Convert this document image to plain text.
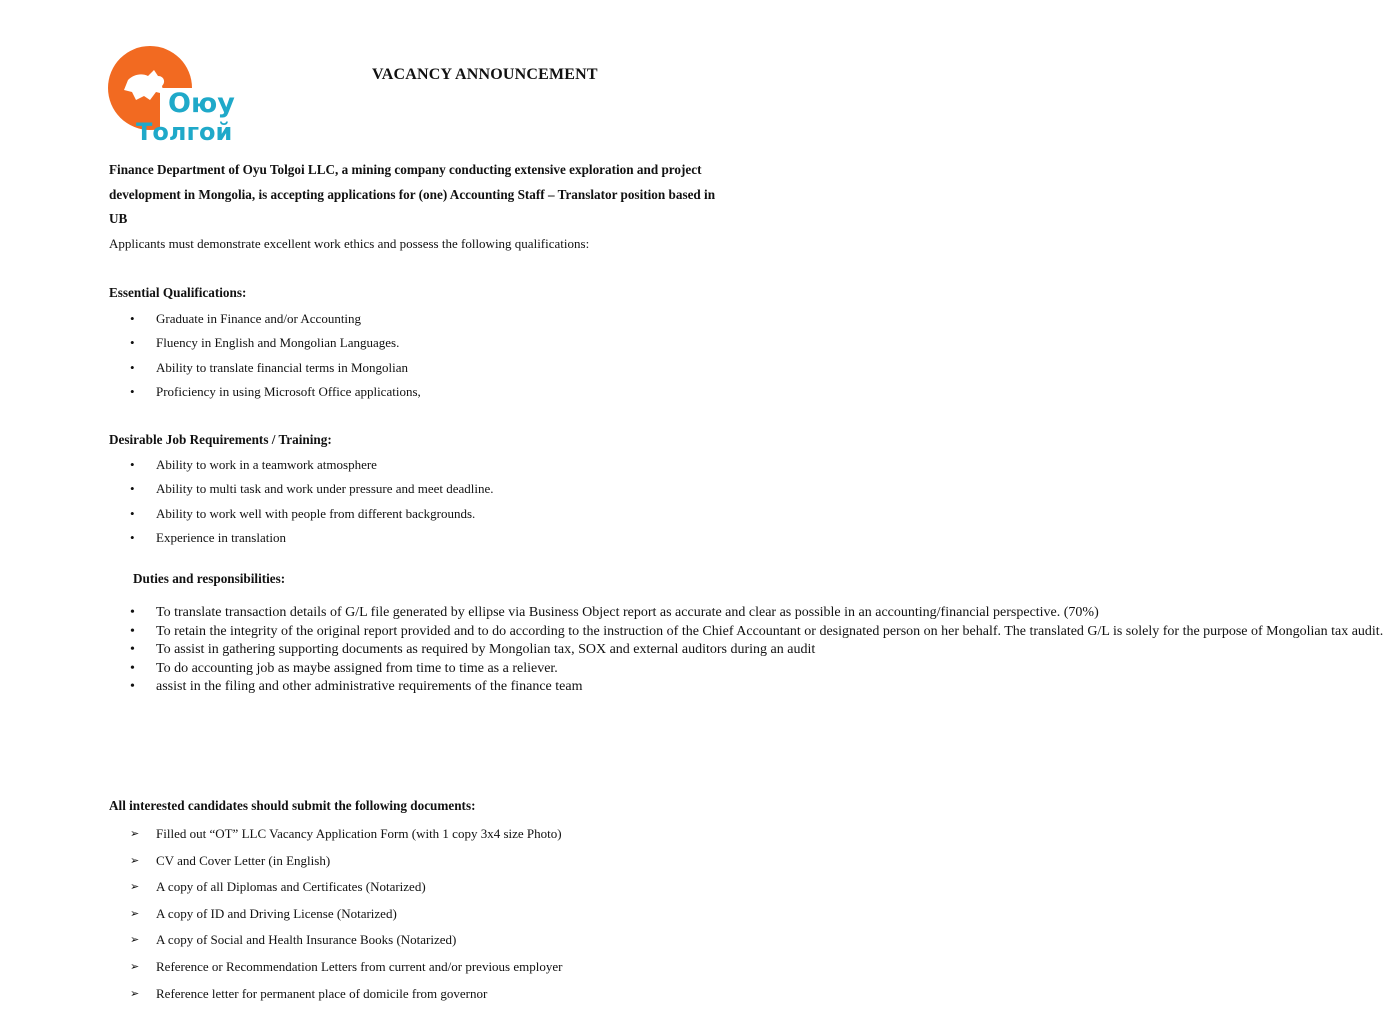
Оюу
Толгой
VACANCY ANNOUNCEMENT
Finance Department of Oyu Tolgoi LLC, a mining company conducting extensive exploration and project development in Mongolia, is accepting applications for (one) Accounting Staff – Translator position based in UB
Applicants must demonstrate excellent work ethics and possess the following qualifications:
Essential Qualifications:
• Graduate in Finance and/or Accounting
• Fluency in English and Mongolian Languages.
• Ability to translate financial terms in Mongolian
• Proficiency in using Microsoft Office applications,
Desirable Job Requirements / Training:
• Ability to work in a teamwork atmosphere
• Ability to multi task and work under pressure and meet deadline.
• Ability to work well with people from different backgrounds.
• Experience in translation
Duties and responsibilities:
• To translate transaction details of G/L file generated by ellipse via Business Object report as accurate and clear as possible in an accounting/financial perspective. (70%)
• To retain the integrity of the original report provided and to do according to the instruction of the Chief Accountant or designated person on her behalf. The translated G/L is solely for the purpose of Mongolian tax audit.
• To assist in gathering supporting documents as required by Mongolian tax, SOX and external auditors during an audit
• To do accounting job as maybe assigned from time to time as a reliever.
• assist in the filing and other administrative requirements of the finance team
All interested candidates should submit the following documents:
➢ Filled out “OT” LLC Vacancy Application Form (with 1 copy 3x4 size Photo)
➢ CV and Cover Letter (in English)
➢ A copy of all Diplomas and Certificates (Notarized)
➢ A copy of ID and Driving License (Notarized)
➢ A copy of Social and Health Insurance Books (Notarized)
➢ Reference or Recommendation Letters from current and/or previous employer
➢ Reference letter for permanent place of domicile from governor
